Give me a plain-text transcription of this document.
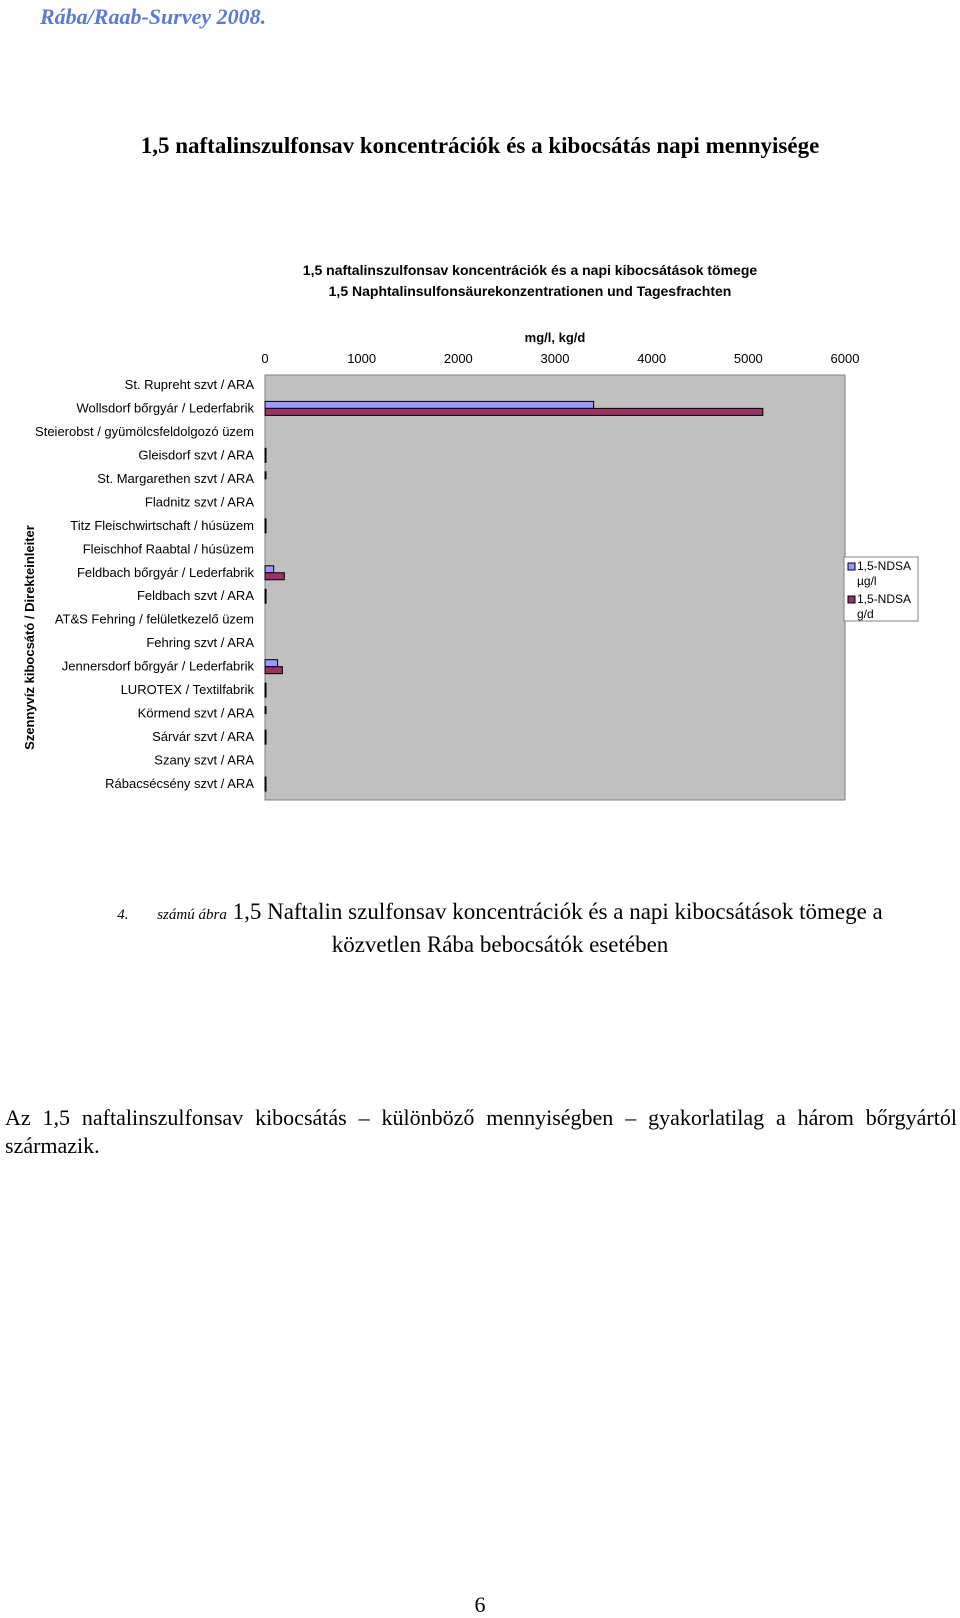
Rába/Raab-Survey 2008.
1,5 naftalinszulfonsav koncentrációk és a kibocsátás napi mennyisége
1,5 naftalinszulfonsav koncentrációk és a napi kibocsátások tömege
1,5 Naphtalinsulfonsäurekonzentrationen und Tagesfrachten
mg/l, kg/d
0	1000	2000	3000	4000	5000	6000
Szennyvíz kibocsátó / Direkteinleiter
St. Rupreht szvt / ARA
Wollsdorf bőrgyár / Lederfabrik
Steierobst / gyümölcsfeldolgozó üzem
Gleisdorf szvt / ARA
St. Margarethen szvt / ARA
Fladnitz szvt / ARA
Titz Fleischwirtschaft / húsüzem
Fleischhof Raabtal / húsüzem
Feldbach bőrgyár / Lederfabrik
Feldbach szvt / ARA
AT&S Fehring / felületkezelő üzem
Fehring szvt / ARA
Jennersdorf bőrgyár / Lederfabrik
LUROTEX / Textilfabrik
Körmend szvt / ARA
Sárvár szvt / ARA
Szany szvt / ARA
Rábacsécsény szvt / ARA
1,5-NDSA
µg/l
1,5-NDSA
g/d
4. számú ábra 1,5 Naftalin szulfonsav koncentrációk és a napi kibocsátások tömege a
közvetlen Rába bebocsátók esetében
Az 1,5 naftalinszulfonsav kibocsátás – különböző mennyiségben – gyakorlatilag a három bőrgyártól származik.
6
